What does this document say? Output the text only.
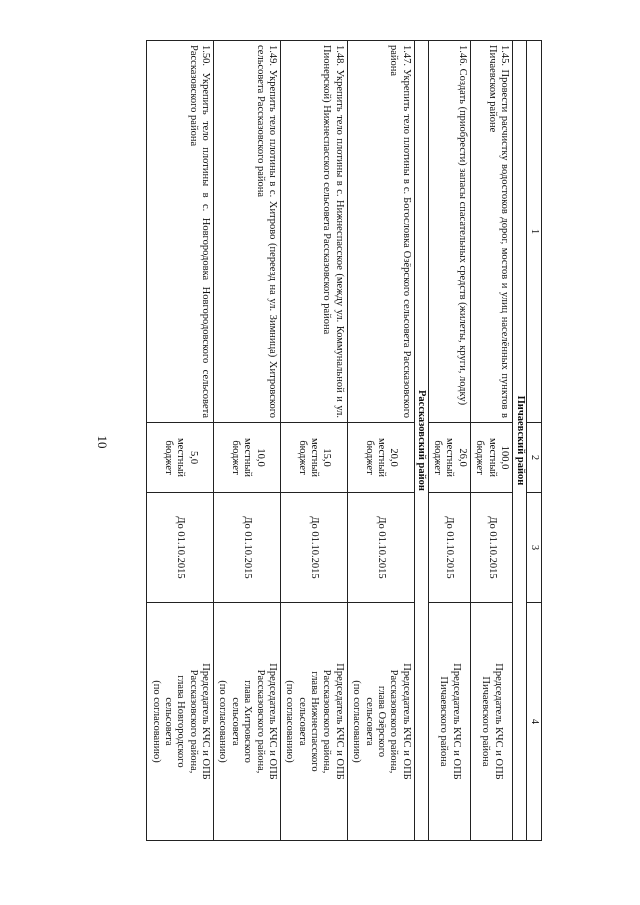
10
1	2	3	4
Пичаевский район			
1.45. Провести расчистку водостоков дорог, мостов и улиц населённых пунктов в Пичаевском районе	100,0
местный бюджет	До 01.10.2015	Председатель КЧС и ОПБ
Пичаевского района

1.46. Создать (приобрести) запасы спасательных средств (жилеты, круги, лодку)	26,0
местный бюджет	До 01.10.2015	Председатель КЧС и ОПБ
Пичаевского района

Рассказовский район			
1.47. Укрепить тело плотины в с. Богословка Озёрского сельсовета Рассказовского района	20,0
местный бюджет	До 01.10.2015	Председатель КЧС и ОПБ
Рассказовского района,
глава Озёрского
сельсовета
(по согласованию)

1.48. Укрепить тело плотины в с. Нижнеспасское (между ул. Коммунальной и ул. Пионерской) Нижнеспасского сельсовета Рассказовского района	15,0
местный бюджет	До 01.10.2015	Председатель КЧС и ОПБ
Рассказовского района,
глава Нижнеспасского
сельсовета
(по согласованию)

1.49. Укрепить тело плотины в с. Хитрово (переезд на ул. Зимница) Хитровского сельсовета Рассказовского района	10,0
местный бюджет	До 01.10.2015	Председатель КЧС и ОПБ
Рассказовского района,
глава Хитровского
сельсовета
(по согласованию)

1.50. Укрепить тело плотины в с. Новгородовка Новгородовского сельсовета Рассказовского района	5,0
местный бюджет	До 01.10.2015	Председатель КЧС и ОПБ
Рассказовского района,
глава Новгородского
сельсовета
(по согласованию)
